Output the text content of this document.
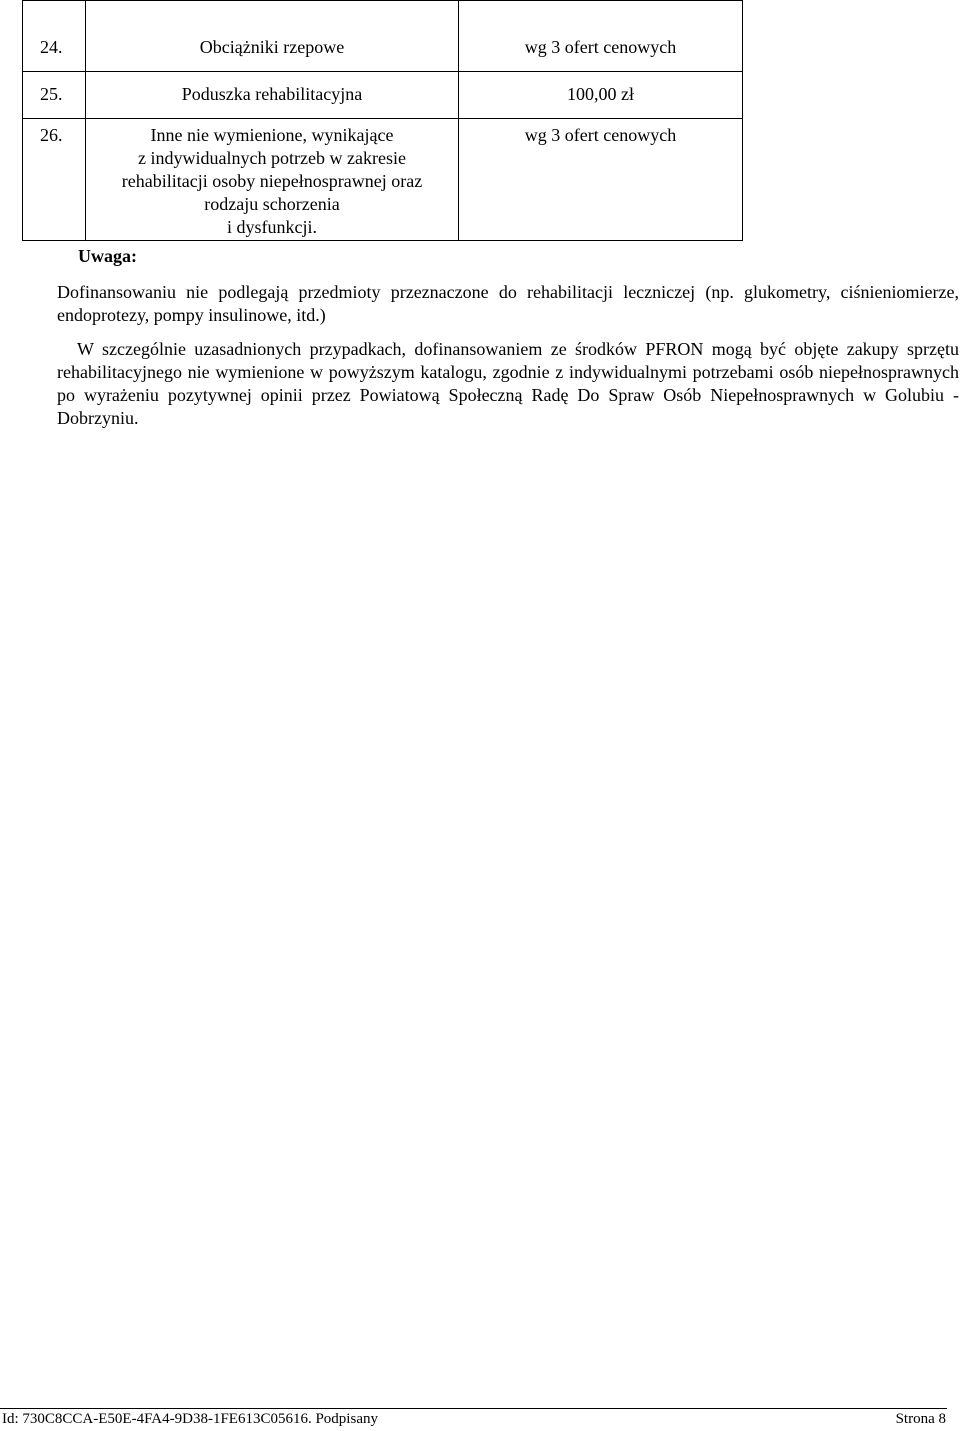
24.	Obciążniki rzepowe	wg 3 ofert cenowych
25.	Poduszka rehabilitacyjna	100,00 zł
26.	Inne nie wymienione, wynikające
z indywidualnych potrzeb w zakresie
rehabilitacji osoby niepełnosprawnej oraz
rodzaju schorzenia
i dysfunkcji.	wg 3 ofert cenowych
Uwaga:

Dofinansowaniu nie podlegają przedmioty przeznaczone do rehabilitacji leczniczej (np. glukometry, ciśnieniomierze, endoprotezy, pompy insulinowe, itd.)

W szczególnie uzasadnionych przypadkach, dofinansowaniem ze środków PFRON mogą być objęte zakupy sprzętu rehabilitacyjnego nie wymienione w powyższym katalogu, zgodnie z indywidualnymi potrzebami osób niepełnosprawnych po wyrażeniu pozytywnej opinii przez Powiatową Społeczną Radę Do Spraw Osób Niepełnosprawnych w Golubiu - Dobrzyniu.

Id: 730C8CCA-E50E-4FA4-9D38-1FE613C05616. Podpisany	Strona 8
